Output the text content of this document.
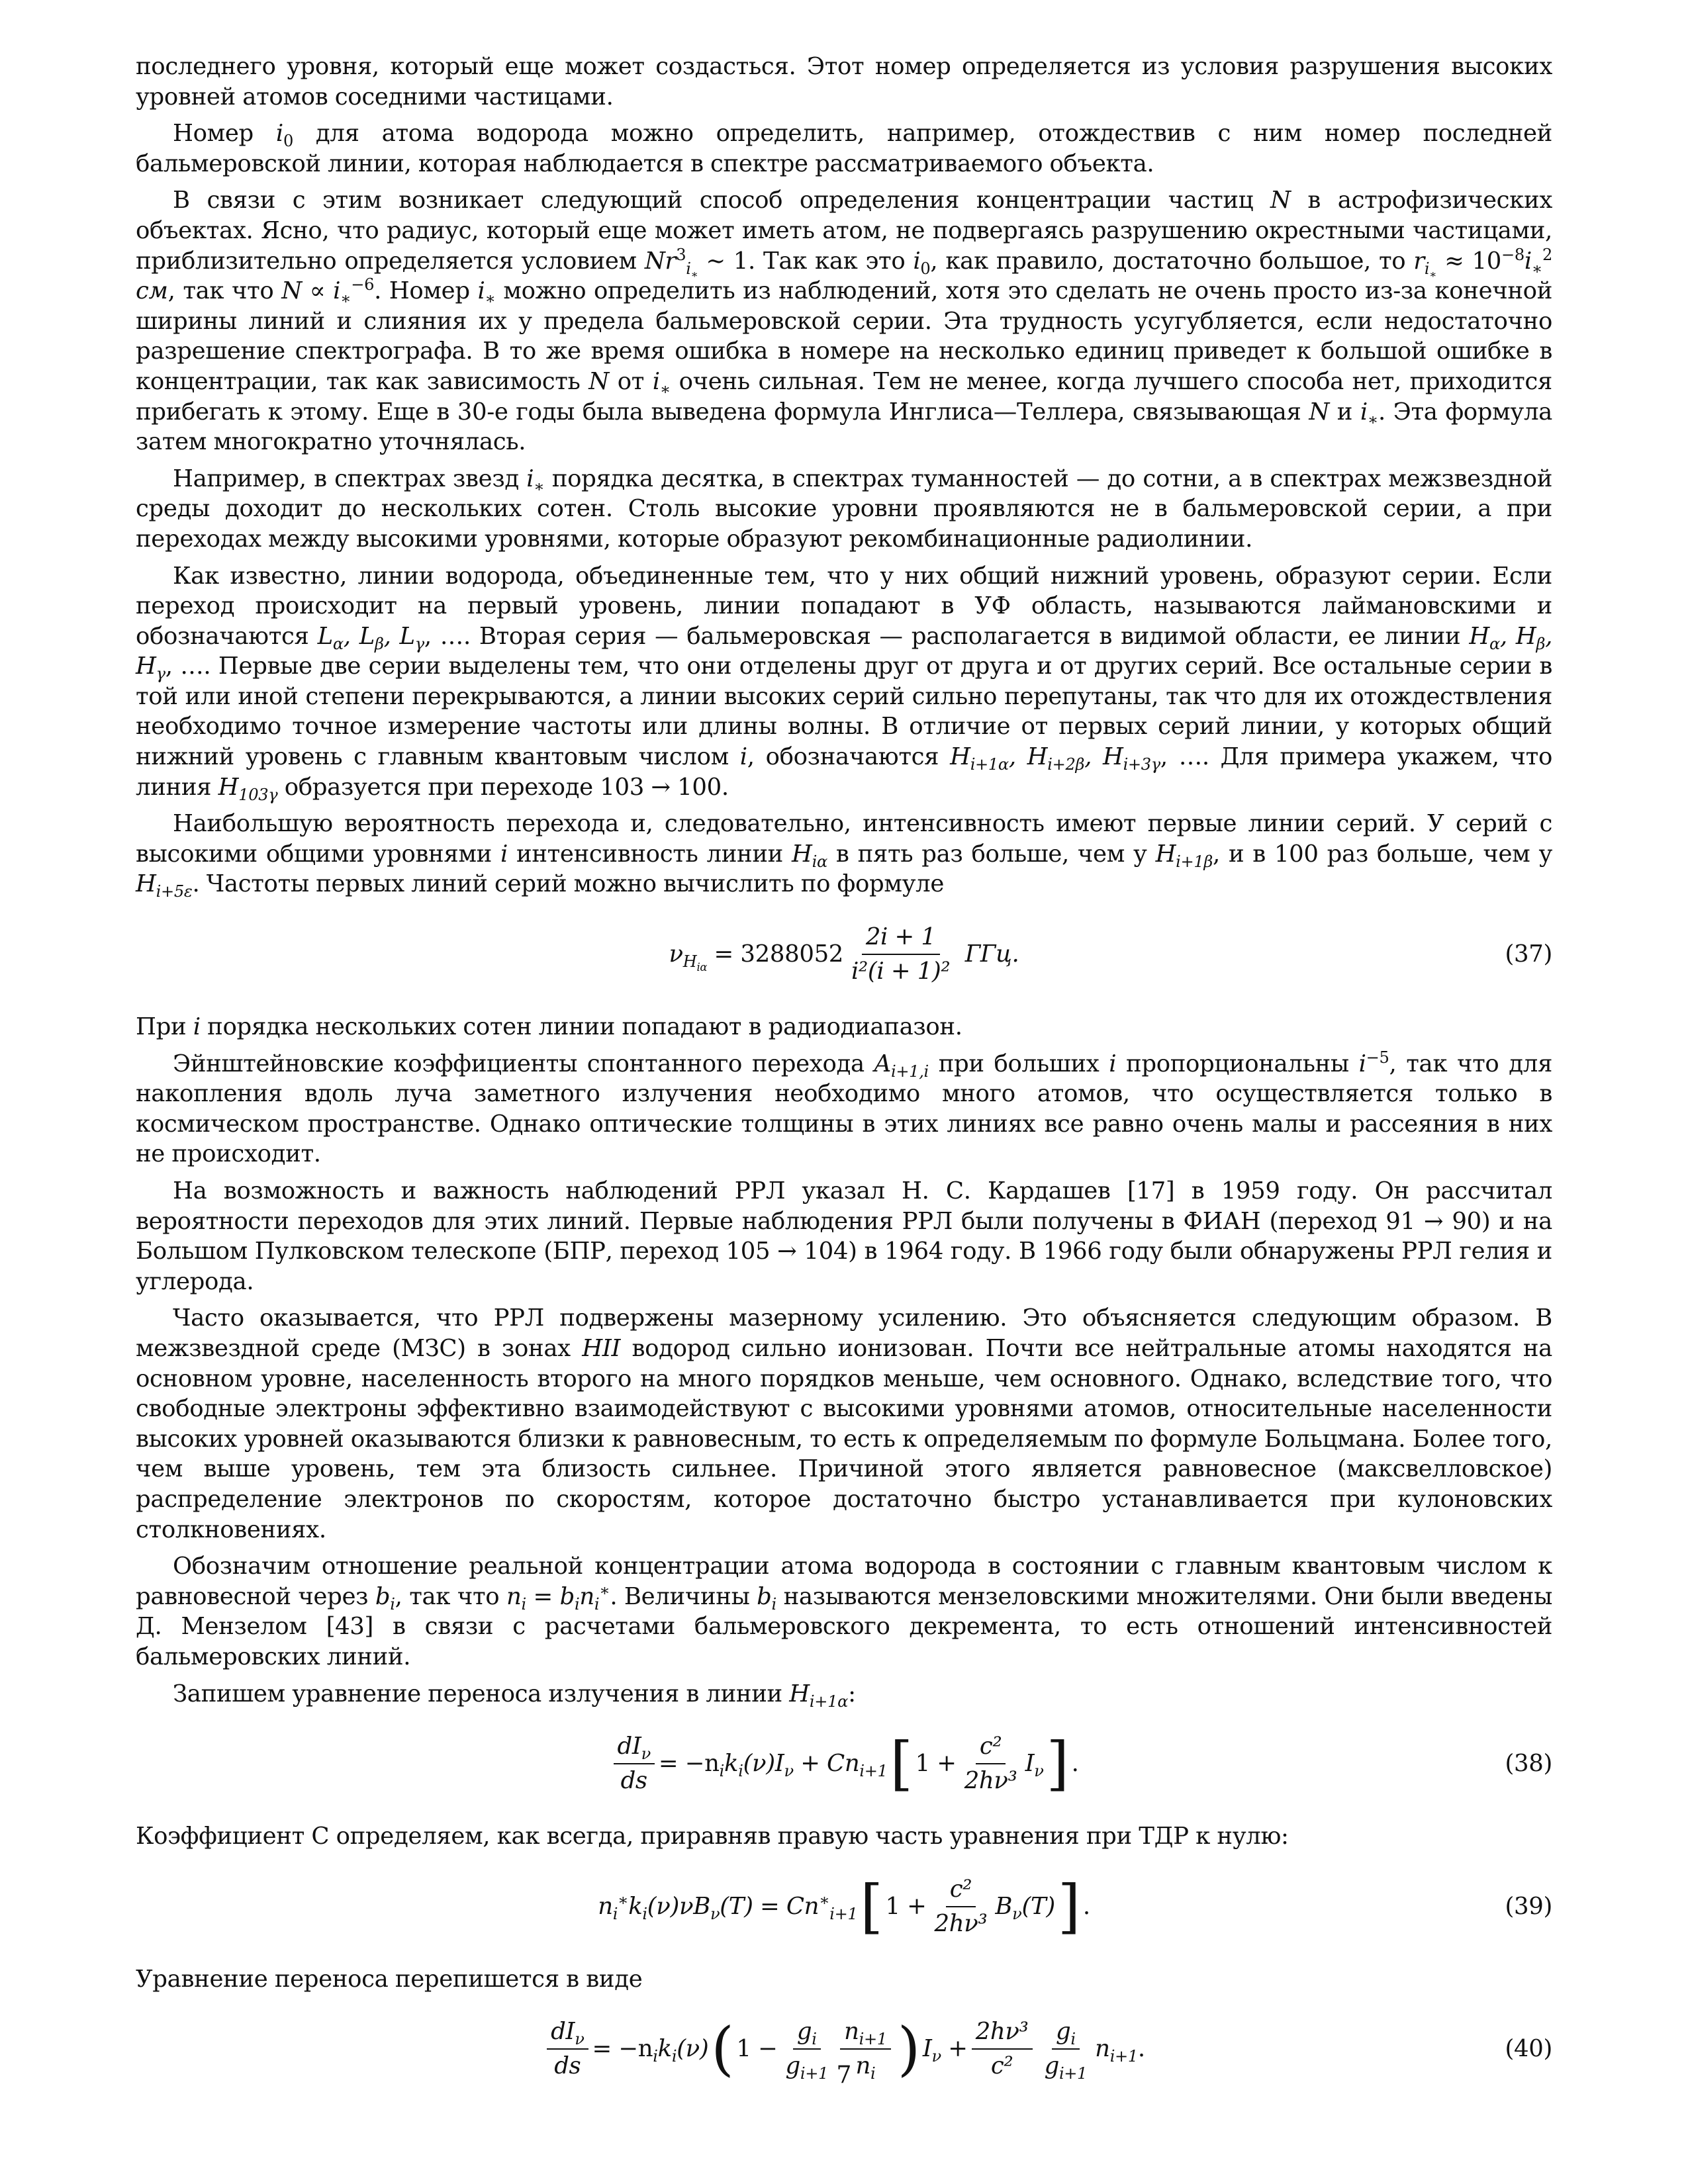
последнего уровня, который еще может создасться. Этот номер определяется из условия разрушения высоких уровней атомов соседними частицами.

Номер $i_0$ для атома водорода можно определить, например, отождествив с ним номер последней бальмеровской линии, которая наблюдается в спектре рассматриваемого объекта.

В связи с этим возникает следующий способ определения концентрации частиц N в астрофизических объектах. Ясно, что радиус, который еще может иметь атом, не подвергаясь разрушению окрестными частицами, приблизительно определяется условием $Nr^3_{i_∗}$ ∼ 1. Так как это $i_0$, как правило, достаточно большое, то $r_{i_∗} \approx 10^{-8}i_∗^2$ см, так что $N \propto i_∗^{-6}$. Номер $i_∗$ можно определить из наблюдений, хотя это сделать не очень просто из-за конечной ширины линий и слияния их у предела бальмеровской серии. Эта трудность усугубляется, если недостаточно разрешение спектрографа. В то же время ошибка в номере на несколько единиц приведет к большой ошибке в концентрации, так как зависимость N от $i_∗$ очень сильная. Тем не менее, когда лучшего способа нет, приходится прибегать к этому. Еще в 30-е годы была выведена формула Инглиса—Теллера, связывающая N и $i_∗$. Эта формула затем многократно уточнялась.

Например, в спектрах звезд $i_∗$ порядка десятка, в спектрах туманностей — до сотни, а в спектрах межзвездной среды доходит до нескольких сотен. Столь высокие уровни проявляются не в бальмеровской серии, а при переходах между высокими уровнями, которые образуют рекомбинационные радиолинии.

Как известно, линии водорода, объединенные тем, что у них общий нижний уровень, образуют серии. Если переход происходит на первый уровень, линии попадают в УФ область, называются лаймановскими и обозначаются $L_\alpha$, $L_\beta$, $L_\gamma$, …. Вторая серия — бальмеровская — располагается в видимой области, ее линии $H_\alpha$, $H_\beta$, $H_\gamma$, …. Первые две серии выделены тем, что они отделены друг от друга и от других серий. Все остальные серии в той или иной степени перекрываются, а линии высоких серий сильно перепутаны, так что для их отождествления необходимо точное измерение частоты или длины волны. В отличие от первых серий линии, у которых общий нижний уровень с главным квантовым числом i, обозначаются $H_{i+1\alpha}$, $H_{i+2\beta}$, $H_{i+3\gamma}$, …. Для примера укажем, что линия $H_{103\gamma}$ образуется при переходе 103 → 100.

Наибольшую вероятность перехода и, следовательно, интенсивность имеют первые линии серий. У серий с высокими общими уровнями i интенсивность линии $H_{i\alpha}$ в пять раз больше, чем у $H_{i+1\beta}$, и в 100 раз больше, чем у $H_{i+5\varepsilon}$. Частоты первых линий серий можно вычислить по формуле

$\nu_{H_{i\alpha}} = 3288052 \frac{2i + 1}{\text{i²(i + 1)²}}$ ГГц.	(37)

При i порядка нескольких сотен линии попадают в радиодиапазон.

Эйнштейновские коэффициенты спонтанного перехода $A_{i+1,i}$ при больших i пропорциональны $i^{-5}$, так что для накопления вдоль луча заметного излучения необходимо много атомов, что осуществляется только в космическом пространстве. Однако оптические толщины в этих линиях все равно очень малы и рассеяния в них не происходит.

На возможность и важность наблюдений РРЛ указал Н. С. Кардашев [17] в 1959 году. Он рассчитал вероятности переходов для этих линий. Первые наблюдения РРЛ были получены в ФИАН (переход 91 → 90) и на Большом Пулковском телескопе (БПР, переход 105 → 104) в 1964 году. В 1966 году были обнаружены РРЛ гелия и углерода.

Часто оказывается, что РРЛ подвержены мазерному усилению. Это объясняется следующим образом. В межзвездной среде (МЗС) в зонах HII водород сильно ионизован. Почти все нейтральные атомы находятся на основном уровне, населенность второго на много порядков меньше, чем основного. Однако, вследствие того, что свободные электроны эффективно взаимодействуют с высокими уровнями атомов, относительные населенности высоких уровней оказываются близки к равновесным, то есть к определяемым по формуле Больцмана. Более того, чем выше уровень, тем эта близость сильнее. Причиной этого является равновесное (максвелловское) распределение электронов по скоростям, которое достаточно быстро устанавливается при кулоновских столкновениях.

Обозначим отношение реальной концентрации атома водорода в состоянии с главным квантовым числом к равновесной через $b_i$, так что $n_i = b_in_i^∗$. Величины $b_i$ называются мензеловскими множителями. Они были введены Д. Мензелом [43] в связи с расчетами бальмеровского декремента, то есть отношений интенсивностей бальмеровских линий.

Запишем уравнение переноса излучения в линии $H_{i+1\alpha}$:

$\frac{dI_\nu}{ds} = -n_ik_i(\nu)I_\nu + Cn_{i+1}$ [ $1 + \frac{\text{c²}}{\text{2hν³}} I_\nu$ ] .	(38)

Коэффициент C определяем, как всегда, приравняв правую часть уравнения при ТДР к нулю:

$n_i^∗k_i(\nu)\nu B_\nu(T) = Cn^∗_{i+1}$ [ $1 + \frac{\text{c²}}{\text{2hν³}} B_\nu(T)$ ] .	(39)

Уравнение переноса перепишется в виде

$\frac{dI_\nu}{ds} = -n_ik_i(\nu)$ ( $1 - \frac{g_i}{g_{i+1}} \frac{n_{i+1}}{n_i}$ ) $I_\nu + \frac{\text{2hν³}}{\text{c²}} \frac{g_i}{g_{i+1}} n_{i+1}$.	(40)
7
